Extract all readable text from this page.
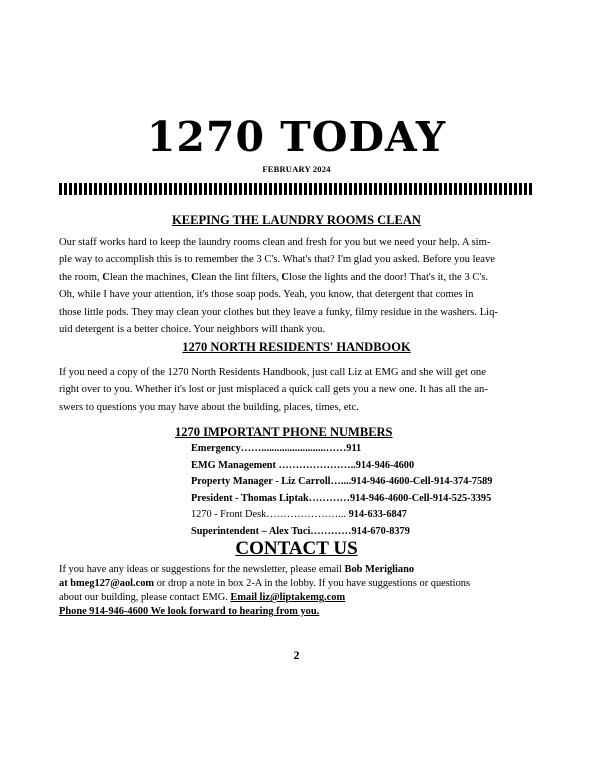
1270 TODAY
FEBRUARY 2024
KEEPING THE LAUNDRY ROOMS CLEAN
Our staff works hard to keep the laundry rooms clean and fresh for you but we need your help. A sim-
ple way to accomplish this is to remember the 3 C's. What's that? I'm glad you asked. Before you leave
the room, Clean the machines, Clean the lint filters, Close the lights and the door! That's it, the 3 C's.
Oh, while I have your attention, it's those soap pods. Yeah, you know, that detergent that comes in
those little pods. They may clean your clothes but they leave a funky, filmy residue in the washers. Liq-
uid detergent is a better choice. Your neighbors will thank you.
1270 NORTH RESIDENTS' HANDBOOK
If you need a copy of the 1270 North Residents Handbook, just call Liz at EMG and she will get one
right over to you. Whether it's lost or just misplaced a quick call gets you a new one. It has all the an-
swers to questions you may have about the building, places, times, etc.
1270 IMPORTANT PHONE NUMBERS
Emergency…….........................……911
EMG Management …………………..914-946-4600
Property Manager - Liz Carroll…....914-946-4600-Cell-914-374-7589
President - Thomas Liptak…………914-946-4600-Cell-914-525-3395
1270 - Front Desk…………………... 914-633-6847
Superintendent – Alex Tuci…………914-670-8379
CONTACT US
If you have any ideas or suggestions for the newsletter, please email Bob Merigliano
at bmeg127@aol.com or drop a note in box 2-A in the lobby. If you have suggestions or questions
about our building, please contact EMG. Email liz@liptakemg.com
Phone 914-946-4600 We look forward to hearing from you.
2
